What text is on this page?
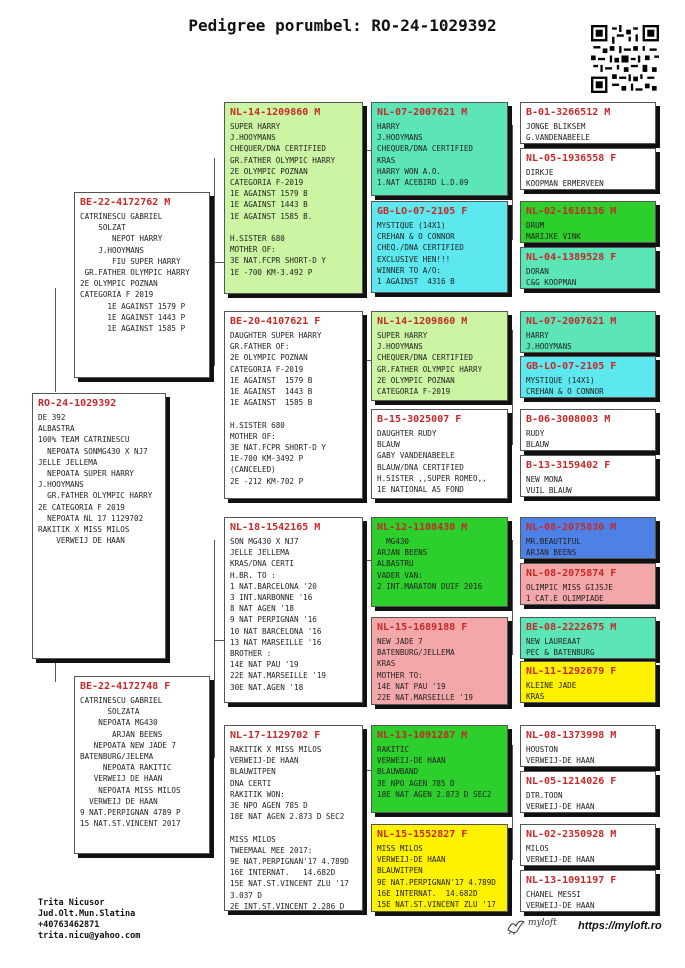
Pedigree porumbel: RO-24-1029392
RO-24-1029392
DE 392
ALBASTRA
100% TEAM CATRINESCU
NEPOATA SONMG430 X NJ7
JELLE JELLEMA
NEPOATA SUPER HARRY
J.HOOYMANS
GR.FATHER OLYMPIC HARRY
2E CATEGORIA F 2019
NEPOATA NL 17 1129702
RAKITIK X MISS MILOS
VERWEIJ DE HAAN
BE-22-4172762 M
CATRINESCU GABRIEL
SOLZAT
NEPOT HARRY
J.HOOYMANS
FIU SUPER HARRY
GR.FATHER OLYMPIC HARRY
2E OLYMPIC POZNAN
CATEGORIA F 2019
1E AGAINST 1579 P
1E AGAINST 1443 P
1E AGAINST 1585 P
BE-22-4172748 F
CATRINESCU GABRIEL
SOLZATA
NEPOATA MG430
ARJAN BEENS
NEPOATA NEW JADE 7
BATENBURG/JELEMA
NEPOATA RAKITIC
VERWEIJ DE HAAN
NEPOATA MISS MILOS
VERWEIJ DE HAAN
9 NAT.PERPIGNAN 4789 P
15 NAT.ST.VINCENT 2017
NL-14-1209860 M
SUPER HARRY
J.HOOYMANS
CHEQUER/DNA CERTIFIED
GR.FATHER OLYMPIC HARRY
2E OLYMPIC POZNAN
CATEGORIA F-2019
1E AGAINST 1579 B
1E AGAINST 1443 B
1E AGAINST 1585 B.

H.SISTER 680
MOTHER OF:
3E NAT.FCPR SHORT-D Y
1E -700 KM-3.492 P
BE-20-4107621 F
DAUGHTER SUPER HARRY
GR.FATHER OF:
2E OLYMPIC POZNAN
CATEGORIA F-2019
1E AGAINST  1579 B
1E AGAINST  1443 B
1E AGAINST  1585 B

H.SISTER 680
MOTHER OF:
3E NAT.FCPR SHORT-D Y
1E-700 KM-3492 P
(CANCELED)
2E -212 KM-702 P
NL-18-1542165 M
SON MG430 X NJ7
JELLE JELLEMA
KRAS/DNA CERTI
H.BR. TO :
1 NAT.BARCELONA '20
3 INT.NARBONNE '16
8 NAT AGEN '18
9 NAT PERPIGNAN '16
10 NAT BARCELONA '16
13 NAT MARSEILLE '16
BROTHER :
14E NAT PAU '19
22E NAT.MARSEILLE '19
30E NAT.AGEN '18
NL-17-1129702 F
RAKITIK X MISS MILOS
VERWEIJ-DE HAAN
BLAUWITPEN
DNA CERTI
RAKITIK WON:
3E NPO AGEN 785 D
18E NAT AGEN 2.873 D SEC2

MISS MILOS
TWEEMAAL MEE 2017:
9E NAT.PERPIGNAN'17 4.789D
16E INTERNAT.   14.682D
15E NAT.ST.VINCENT ZLU '17
3.037 D
2E INT.ST.VINCENT 2.286 D
NL-07-2007621 M
HARRY
J.HOOYMANS
CHEQUER/DNA CERTIFIED
KRAS
HARRY WON A.O.
1.NAT ACEBIRD L.D.09
GB-LO-07-2105 F
MYSTIQUE (14X1)
CREHAN & O CONNOR
CHEQ./DNA CERTIFIED
EXCLUSIVE HEN!!!
WINNER TO A/O:
1 AGAINST  4316 B
NL-14-1209860 M
SUPER HARRY
J.HOOYMANS
CHEQUER/DNA CERTIFIED
GR.FATHER OLYMPIC HARRY
2E OLYMPIC POZNAN
CATEGORIA F-2019
B-15-3025007 F
DAUGHTER RUDY
BLAUW
GABY VANDENABEELE
BLAUW/DNA CERTIFIED
H.SISTER ,,SUPER ROMEO,,
1E NATIONAL AS FOND
NL-12-1108430 M
MG430
ARJAN BEENS
ALBASTRU
VADER VAN:
2 INT.MARATON DUIF 2016
NL-15-1689188 F
NEW JADE 7
BATENBURG/JELLEMA
KRAS
MOTHER TO:
14E NAT PAU '19
22E NAT.MARSEILLE '19
NL-13-1091287 M
RAKITIC
VERWEIJ-DE HAAN
BLAUWBAND
3E NPO AGEN 785 D
18E NAT AGEN 2.873 D SEC2
NL-15-1552827 F
MISS MILOS
VERWEIJ-DE HAAN
BLAUWITPEN
9E NAT.PERPIGNAN'17 4.789D
16E INTERNAT.  14.682D
15E NAT.ST.VINCENT ZLU '17
B-01-3266512 M
JONGE BLIKSEM
G.VANDENABEELE

NL-05-1936558 F
DIRKJE
KOOPMAN ERMERVEEN

NL-02-1616136 M
DRUM
MARIJKE VINK
NL-04-1389528 F
DORAN
C&G KOOPMAN

NL-07-2007621 M
HARRY
J.HOOYMANS

GB-LO-07-2105 F
MYSTIQUE (14X1)
CREHAN & O CONNOR

B-06-3008003 M
RUDY
BLAUW

B-13-3159402 F
NEW MONA
VUIL BLAUW

NL-08-2075830 M
MR.BEAUTIFUL
ARJAN BEENS
NL-08-2075874 F
OLIMPIC MISS GIJSJE
1 CAT.E OLIMPIADE
BE-08-2222675 M
NEW LAUREAAT
PEC & BATENBURG

NL-11-1292679 F
KLEINE JADE
KRAS

NL-08-1373998 M
HOUSTON
VERWEIJ-DE HAAN

NL-05-1214026 F
DTR.TOON
VERWEIJ-DE HAAN

NL-02-2350928 M
MILOS
VERWEIJ-DE HAAN

NL-13-1091197 F
CHANEL MESSI
VERWEIJ-DE HAAN

Trita Nicusor
Jud.Olt.Mun.Slatina
+40763462871
trita.nicu@yahoo.com
myloft https://myloft.ro
